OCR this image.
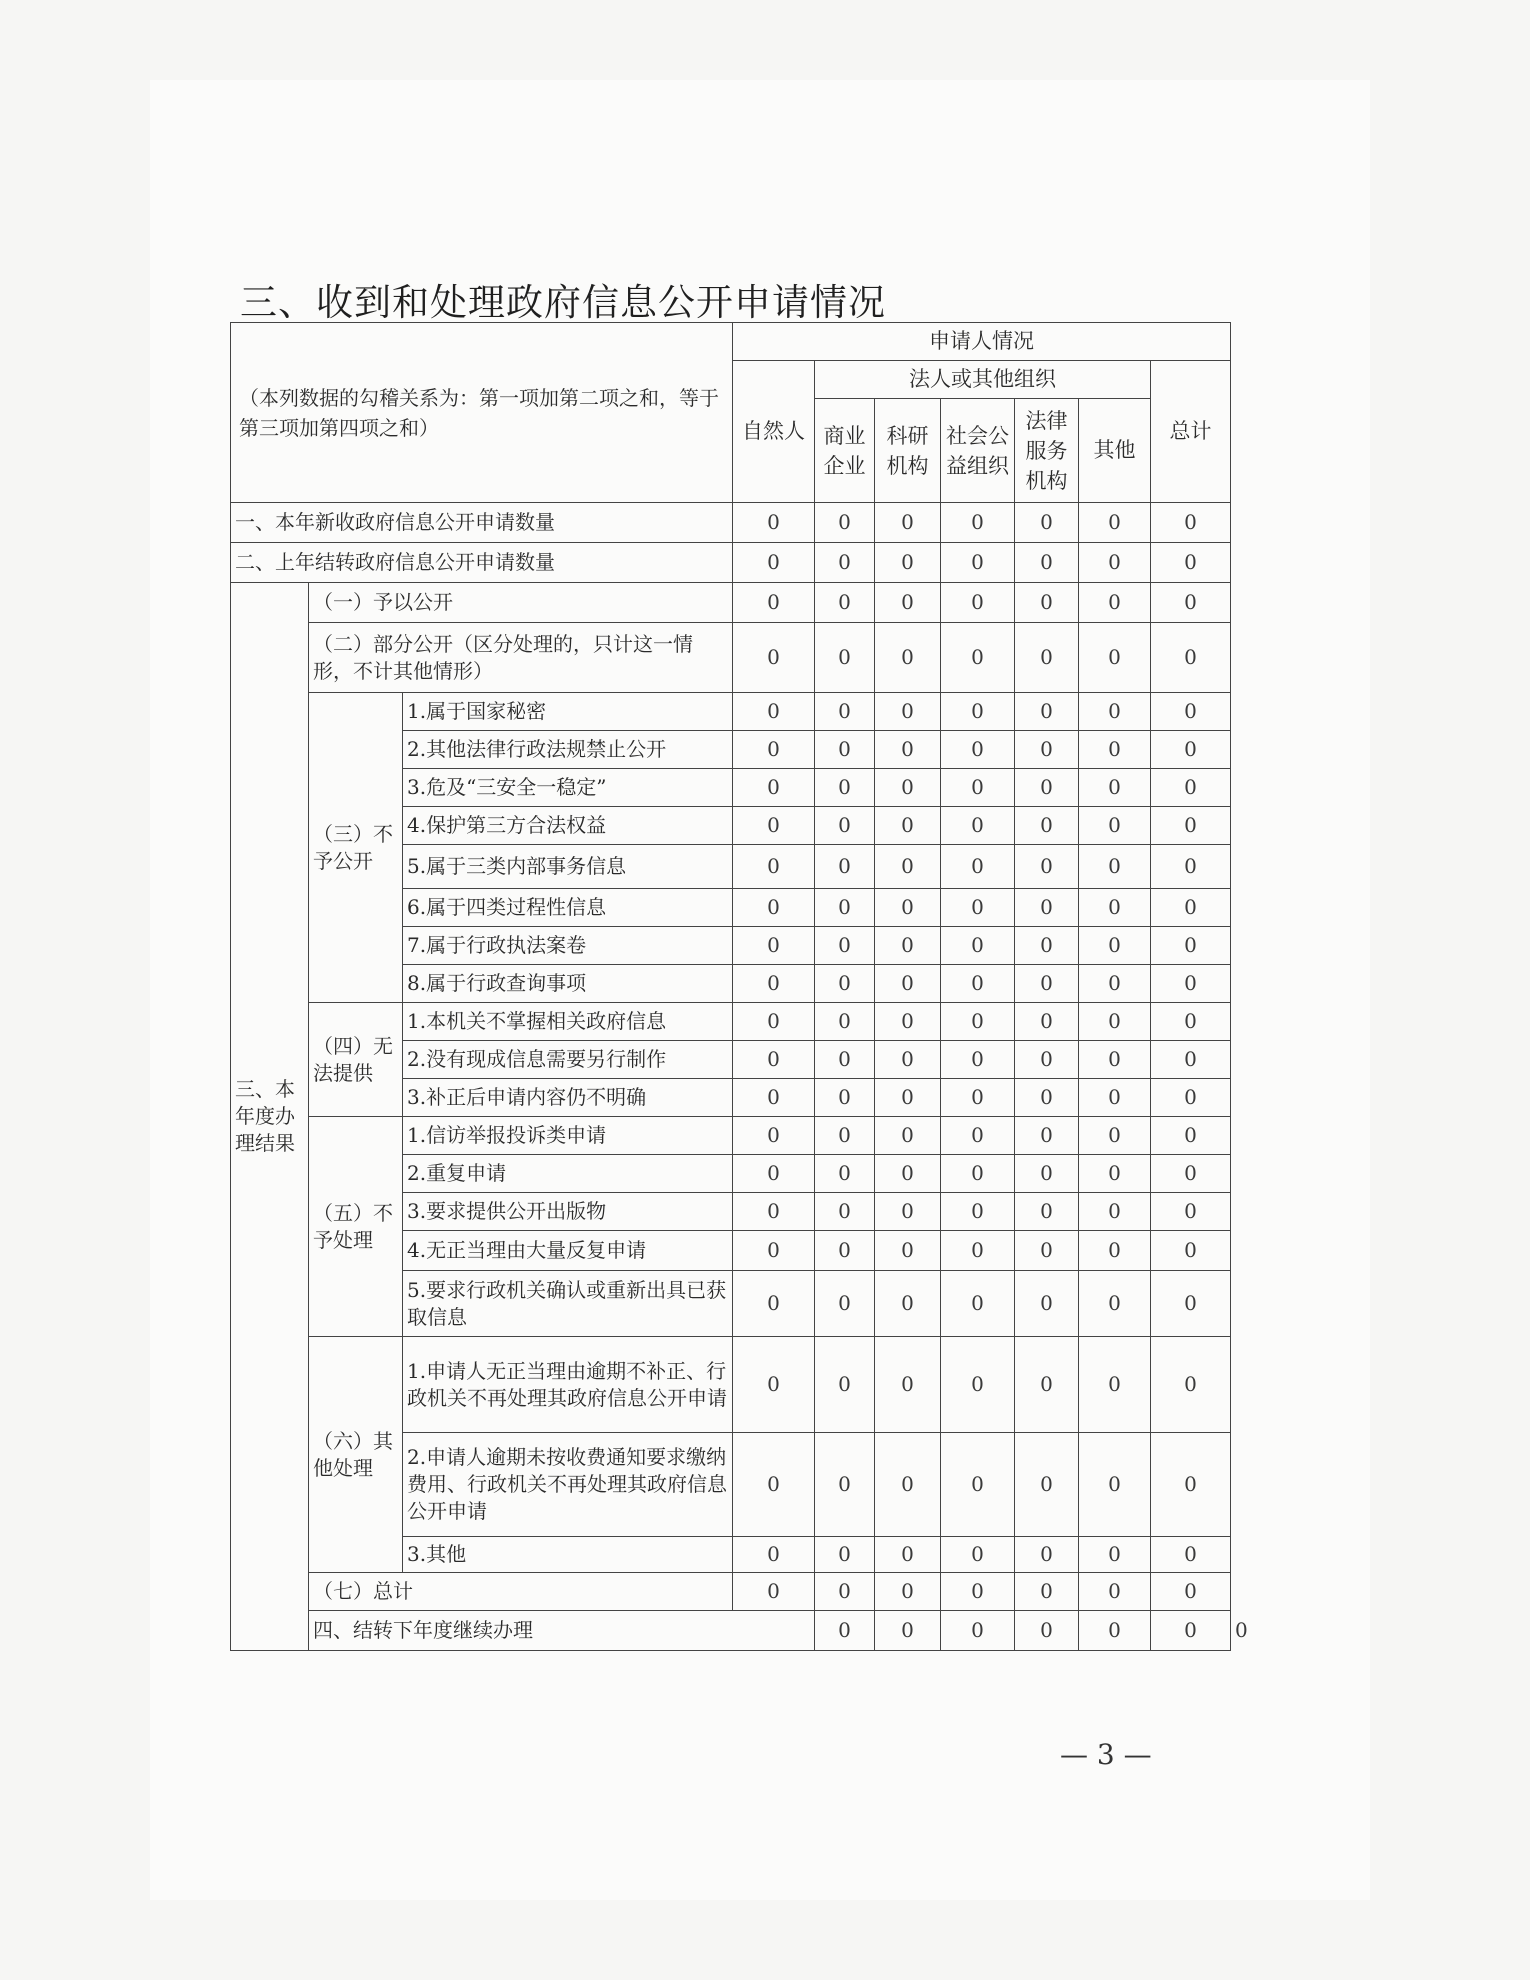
三、收到和处理政府信息公开申请情况
（本列数据的勾稽关系为：第一项加第二项之和，等于第三项加第四项之和）			申请人情况							
			自然人	法人或其他组织					总计	
				商业企业	科研机构	社会公益组织	法律服务机构	其他		
一、本年新收政府信息公开申请数量			0	0	0	0	0	0	0	
二、上年结转政府信息公开申请数量			0	0	0	0	0	0	0	
三、本年度办理结果	（一）予以公开		0	0	0	0	0	0	0	
	（二）部分公开（区分处理的，只计这一情形，不计其他情形）		0	0	0	0	0	0	0	
	（三）不予公开	1.属于国家秘密	0	0	0	0	0	0	0	
		2.其他法律行政法规禁止公开	0	0	0	0	0	0	0	
		3.危及“三安全一稳定”	0	0	0	0	0	0	0	
		4.保护第三方合法权益	0	0	0	0	0	0	0	
		5.属于三类内部事务信息	0	0	0	0	0	0	0	
		6.属于四类过程性信息	0	0	0	0	0	0	0	
		7.属于行政执法案卷	0	0	0	0	0	0	0	
		8.属于行政查询事项	0	0	0	0	0	0	0	
	（四）无法提供	1.本机关不掌握相关政府信息	0	0	0	0	0	0	0	
		2.没有现成信息需要另行制作	0	0	0	0	0	0	0	
		3.补正后申请内容仍不明确	0	0	0	0	0	0	0	
	（五）不予处理	1.信访举报投诉类申请	0	0	0	0	0	0	0	
		2.重复申请	0	0	0	0	0	0	0	
		3.要求提供公开出版物	0	0	0	0	0	0	0	
		4.无正当理由大量反复申请	0	0	0	0	0	0	0	
		5.要求行政机关确认或重新出具已获取信息	0	0	0	0	0	0	0	
	（六）其他处理	1.申请人无正当理由逾期不补正、行政机关不再处理其政府信息公开申请	0	0	0	0	0	0	0	
		2.申请人逾期未按收费通知要求缴纳费用、行政机关不再处理其政府信息公开申请	0	0	0	0	0	0	0	
		3.其他	0	0	0	0	0	0	0	
	（七）总计		0	0	0	0	0	0	0	
	四、结转下年度继续办理			0	0	0	0	0	0	
— 3 —
